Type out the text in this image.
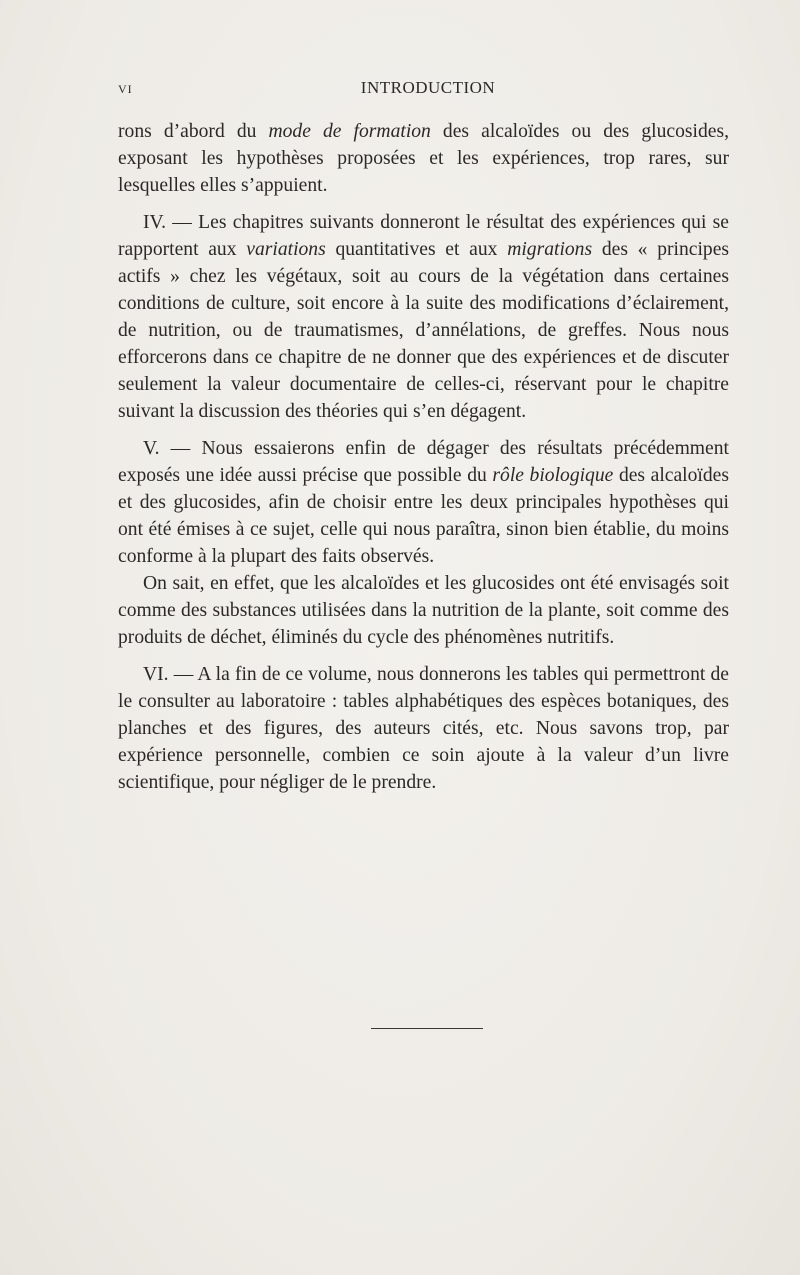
VI	INTRODUCTION

rons d’abord du mode de formation des alcaloïdes ou des glucosides, exposant les hypothèses proposées et les expériences, trop rares, sur lesquelles elles s’appuient.

IV. — Les chapitres suivants donneront le résultat des expériences qui se rapportent aux variations quantitatives et aux migrations des « principes actifs » chez les végétaux, soit au cours de la végétation dans certaines conditions de culture, soit encore à la suite des modifications d’éclairement, de nutrition, ou de traumatismes, d’annélations, de greffes. Nous nous efforcerons dans ce chapitre de ne donner que des expériences et de discuter seulement la valeur documentaire de celles-ci, réservant pour le chapitre suivant la discussion des théories qui s’en dégagent.

V. — Nous essaierons enfin de dégager des résultats précédemment exposés une idée aussi précise que possible du rôle biologique des alcaloïdes et des glucosides, afin de choisir entre les deux principales hypothèses qui ont été émises à ce sujet, celle qui nous paraîtra, sinon bien établie, du moins conforme à la plupart des faits observés.

On sait, en effet, que les alcaloïdes et les glucosides ont été envisagés soit comme des substances utilisées dans la nutrition de la plante, soit comme des produits de déchet, éliminés du cycle des phénomènes nutritifs.

VI. — A la fin de ce volume, nous donnerons les tables qui permettront de le consulter au laboratoire : tables alphabétiques des espèces botaniques, des planches et des figures, des auteurs cités, etc. Nous savons trop, par expérience personnelle, combien ce soin ajoute à la valeur d’un livre scientifique, pour négliger de le prendre.
